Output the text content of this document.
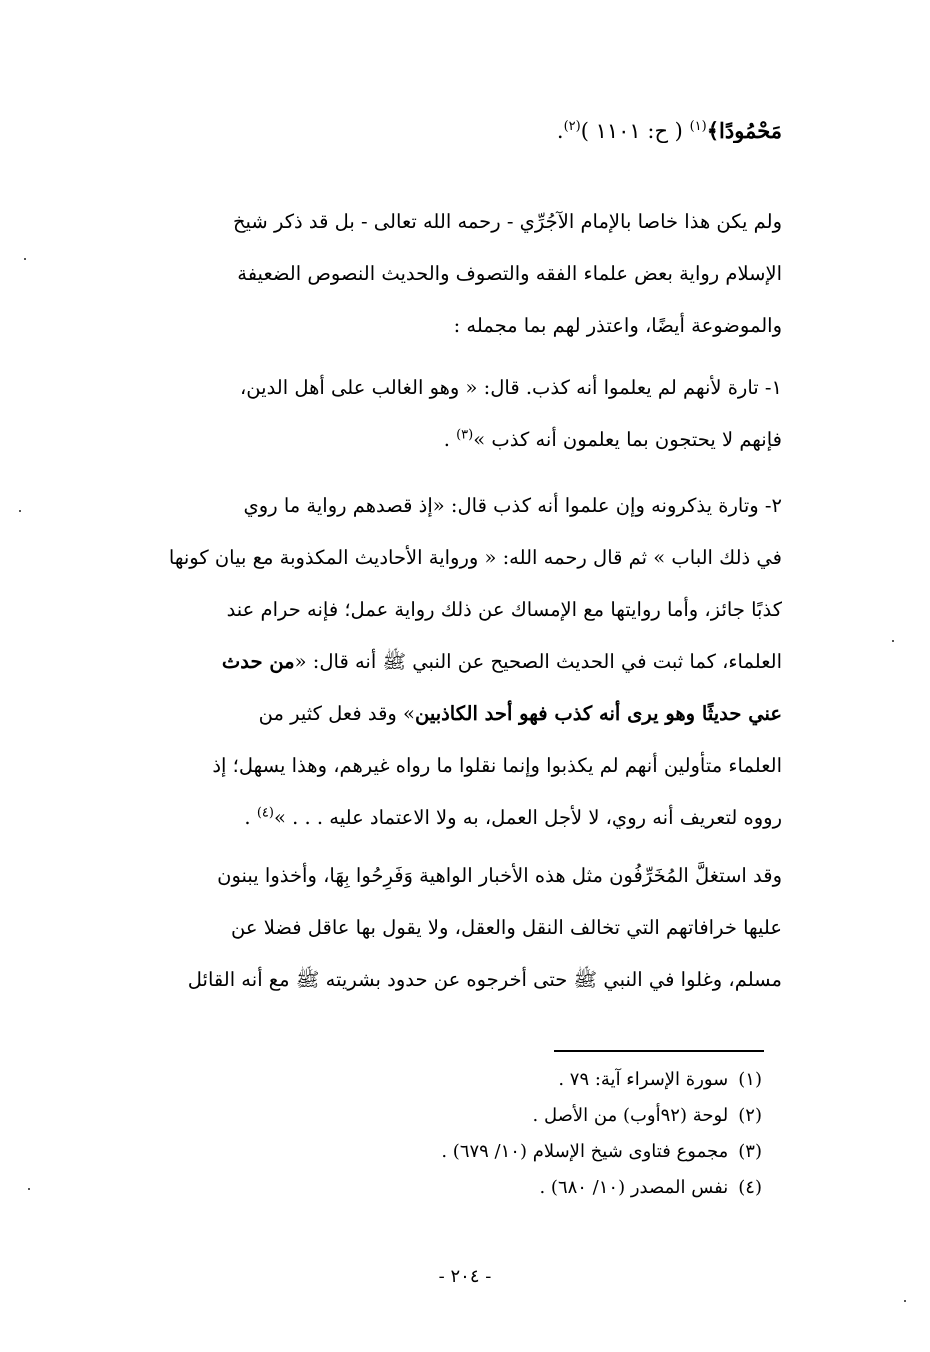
مَحْمُودًا﴾$^{(١)}$ ( ح: ١١٠١ )$^{(٢)}$.
ولم يكن هذا خاصا بالإمام الآجُرِّي - رحمه الله تعالى - بل قد ذكر شيخ
الإسلام رواية بعض علماء الفقه والتصوف والحديث النصوص الضعيفة
والموضوعة أيضًا، واعتذر لهم بما مجمله :
١- تارة لأنهم لم يعلموا أنه كذب. قال: « وهو الغالب على أهل الدين،
فإنهم لا يحتجون بما يعلمون أنه كذب »$^{(٣)}$ .
٢- وتارة يذكرونه وإن علموا أنه كذب قال: «إذ قصدهم رواية ما روي
في ذلك الباب » ثم قال رحمه الله: « ورواية الأحاديث المكذوبة مع بيان كونها
كذبًا جائز، وأما روايتها مع الإمساك عن ذلك رواية عمل؛ فإنه حرام عند
العلماء، كما ثبت في الحديث الصحيح عن النبي ﷺ أنه قال: «من حدث
عني حديثًا وهو يرى أنه كذب فهو أحد الكاذبين» وقد فعل كثير من
العلماء متأولين أنهم لم يكذبوا وإنما نقلوا ما رواه غيرهم، وهذا يسهل؛ إذ
رووه لتعريف أنه روي، لا لأجل العمل، به ولا الاعتماد عليه . . . »$^{(٤)}$ .
وقد استغلَّ المُخَرِّفُون مثل هذه الأخبار الواهية وَفَرِحُوا بِهَا، وأخذوا يبنون
عليها خرافاتهم التي تخالف النقل والعقل، ولا يقول بها عاقل فضلا عن
مسلم، وغلوا في النبي ﷺ حتى أخرجوه عن حدود بشريته ﷺ مع أنه القائل
(١)سورة الإسراء آية: ٧٩ .
(٢)لوحة (٩٢أوب) من الأصل .
(٣)مجموع فتاوى شيخ الإسلام (١٠/ ٦٧٩) .
(٤)نفس المصدر (١٠/ ٦٨٠) .
- ٢٠٤ -
